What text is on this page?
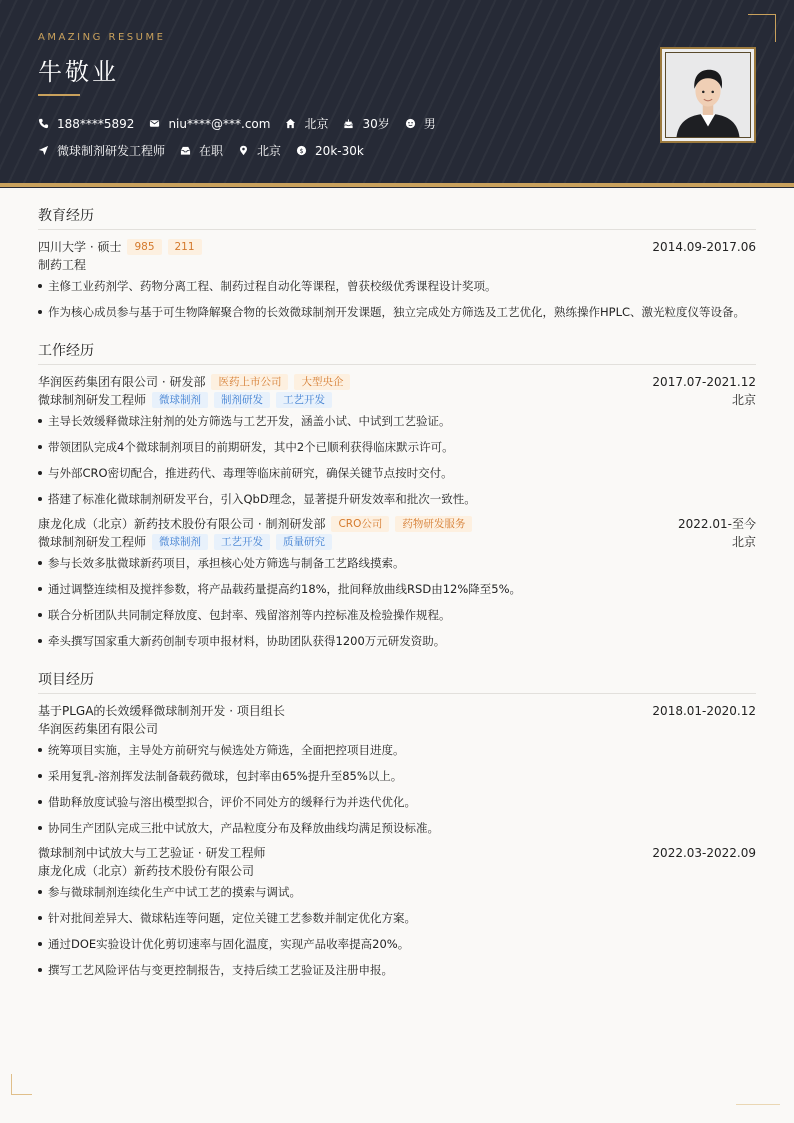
AMAZING RESUME
牛敬业
188****5892	niu****@***.com	北京	30岁	男
微球制剂研发工程师	在职	北京	$ 20k-30k
教育经历
四川大学 · 硕士	985	211	2014.09-2017.06
制药工程
主修工业药剂学、药物分离工程、制药过程自动化等课程，曾获校级优秀课程设计奖项。
作为核心成员参与基于可生物降解聚合物的长效微球制剂开发课题，独立完成处方筛选及工艺优化，熟练操作HPLC、激光粒度仪等设备。
工作经历
华润医药集团有限公司 · 研发部	医药上市公司	大型央企	2017.07-2021.12
微球制剂研发工程师	微球制剂	制剂研发	工艺开发	北京
主导长效缓释微球注射剂的处方筛选与工艺开发，涵盖小试、中试到工艺验证。
带领团队完成4个微球制剂项目的前期研发，其中2个已顺利获得临床默示许可。
与外部CRO密切配合，推进药代、毒理等临床前研究，确保关键节点按时交付。
搭建了标准化微球制剂研发平台，引入QbD理念，显著提升研发效率和批次一致性。
康龙化成（北京）新药技术股份有限公司 · 制剂研发部	CRO公司	药物研发服务	2022.01-至今
微球制剂研发工程师	微球制剂	工艺开发	质量研究	北京
参与长效多肽微球新药项目，承担核心处方筛选与制备工艺路线摸索。
通过调整连续相及搅拌参数，将产品载药量提高约18%，批间释放曲线RSD由12%降至5%。
联合分析团队共同制定释放度、包封率、残留溶剂等内控标准及检验操作规程。
牵头撰写国家重大新药创制专项申报材料，协助团队获得1200万元研发资助。
项目经历
基于PLGA的长效缓释微球制剂开发 · 项目组长	2018.01-2020.12
华润医药集团有限公司
统筹项目实施，主导处方前研究与候选处方筛选，全面把控项目进度。
采用复乳-溶剂挥发法制备载药微球，包封率由65%提升至85%以上。
借助释放度试验与溶出模型拟合，评价不同处方的缓释行为并迭代优化。
协同生产团队完成三批中试放大，产品粒度分布及释放曲线均满足预设标准。
微球制剂中试放大与工艺验证 · 研发工程师	2022.03-2022.09
康龙化成（北京）新药技术股份有限公司
参与微球制剂连续化生产中试工艺的摸索与调试。
针对批间差异大、微球粘连等问题，定位关键工艺参数并制定优化方案。
通过DOE实验设计优化剪切速率与固化温度，实现产品收率提高20%。
撰写工艺风险评估与变更控制报告，支持后续工艺验证及注册申报。
